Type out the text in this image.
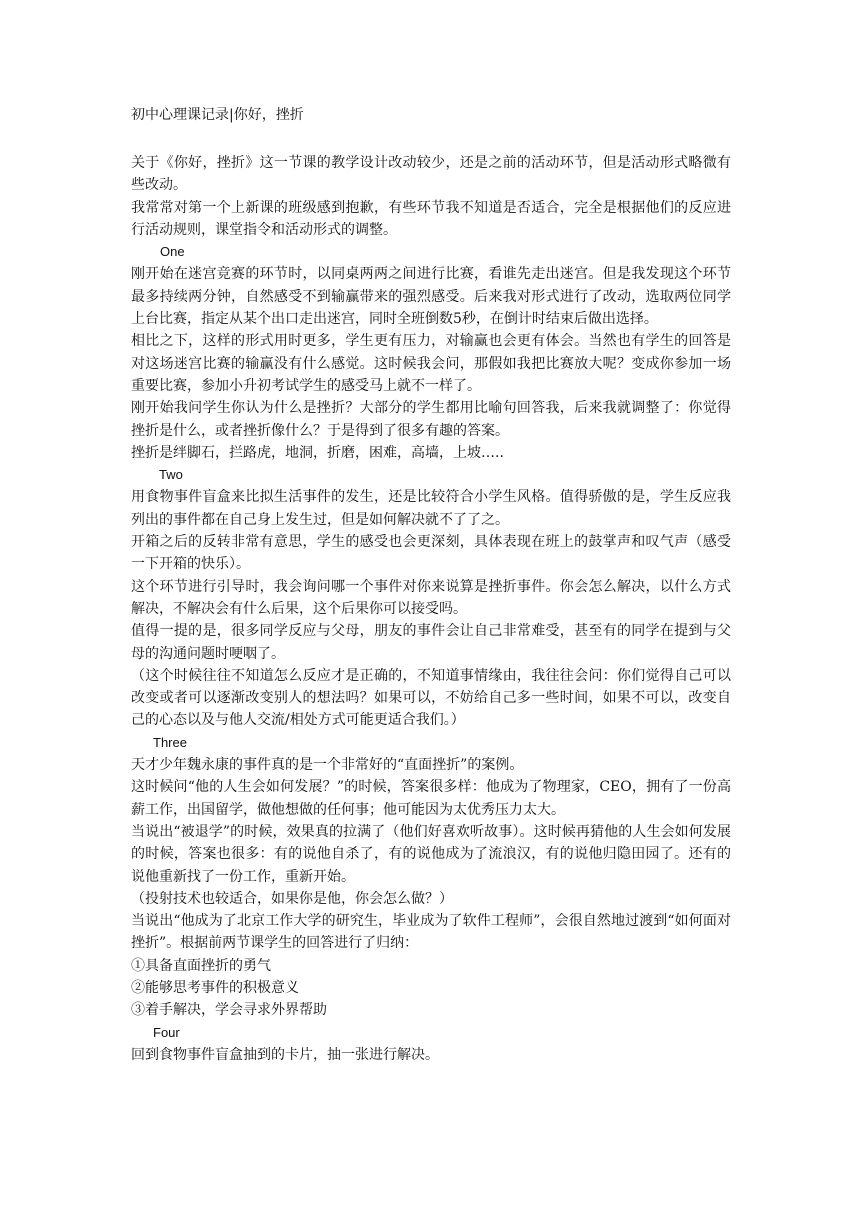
初中心理课记录|你好，挫折

关于《你好，挫折》这一节课的教学设计改动较少，还是之前的活动环节，但是活动形式略微有些改动。

我常常对第一个上新课的班级感到抱歉，有些环节我不知道是否适合，完全是根据他们的反应进行活动规则，课堂指令和活动形式的调整。

One

刚开始在迷宫竞赛的环节时，以同桌两两之间进行比赛，看谁先走出迷宫。但是我发现这个环节最多持续两分钟，自然感受不到输赢带来的强烈感受。后来我对形式进行了改动，选取两位同学上台比赛，指定从某个出口走出迷宫，同时全班倒数5秒，在倒计时结束后做出选择。

相比之下，这样的形式用时更多，学生更有压力，对输赢也会更有体会。当然也有学生的回答是对这场迷宫比赛的输赢没有什么感觉。这时候我会问，那假如我把比赛放大呢？变成你参加一场重要比赛，参加小升初考试学生的感受马上就不一样了。

刚开始我问学生你认为什么是挫折？大部分的学生都用比喻句回答我，后来我就调整了：你觉得挫折是什么，或者挫折像什么？于是得到了很多有趣的答案。

挫折是绊脚石，拦路虎，地洞，折磨，困难，高墙，上坡…..

Two

用食物事件盲盒来比拟生活事件的发生，还是比较符合小学生风格。值得骄傲的是，学生反应我列出的事件都在自己身上发生过，但是如何解决就不了了之。

开箱之后的反转非常有意思，学生的感受也会更深刻，具体表现在班上的鼓掌声和叹气声（感受一下开箱的快乐）。

这个环节进行引导时，我会询问哪一个事件对你来说算是挫折事件。你会怎么解决，以什么方式解决，不解决会有什么后果，这个后果你可以接受吗。

值得一提的是，很多同学反应与父母，朋友的事件会让自己非常难受，甚至有的同学在提到与父母的沟通问题时哽咽了。

（这个时候往往不知道怎么反应才是正确的，不知道事情缘由，我往往会问：你们觉得自己可以改变或者可以逐渐改变别人的想法吗？如果可以，不妨给自己多一些时间，如果不可以，改变自己的心态以及与他人交流/相处方式可能更适合我们。）

Three

天才少年魏永康的事件真的是一个非常好的“直面挫折”的案例。

这时候问“他的人生会如何发展？”的时候，答案很多样：他成为了物理家，CEO，拥有了一份高薪工作，出国留学，做他想做的任何事；他可能因为太优秀压力太大。

当说出“被退学”的时候，效果真的拉满了（他们好喜欢听故事）。这时候再猜他的人生会如何发展的时候，答案也很多：有的说他自杀了，有的说他成为了流浪汉，有的说他归隐田园了。还有的说他重新找了一份工作，重新开始。

（投射技术也较适合，如果你是他，你会怎么做？）

当说出“他成为了北京工作大学的研究生，毕业成为了软件工程师”，会很自然地过渡到“如何面对挫折”。根据前两节课学生的回答进行了归纳：

①具备直面挫折的勇气

②能够思考事件的积极意义

③着手解决，学会寻求外界帮助

Four

回到食物事件盲盒抽到的卡片，抽一张进行解决。
